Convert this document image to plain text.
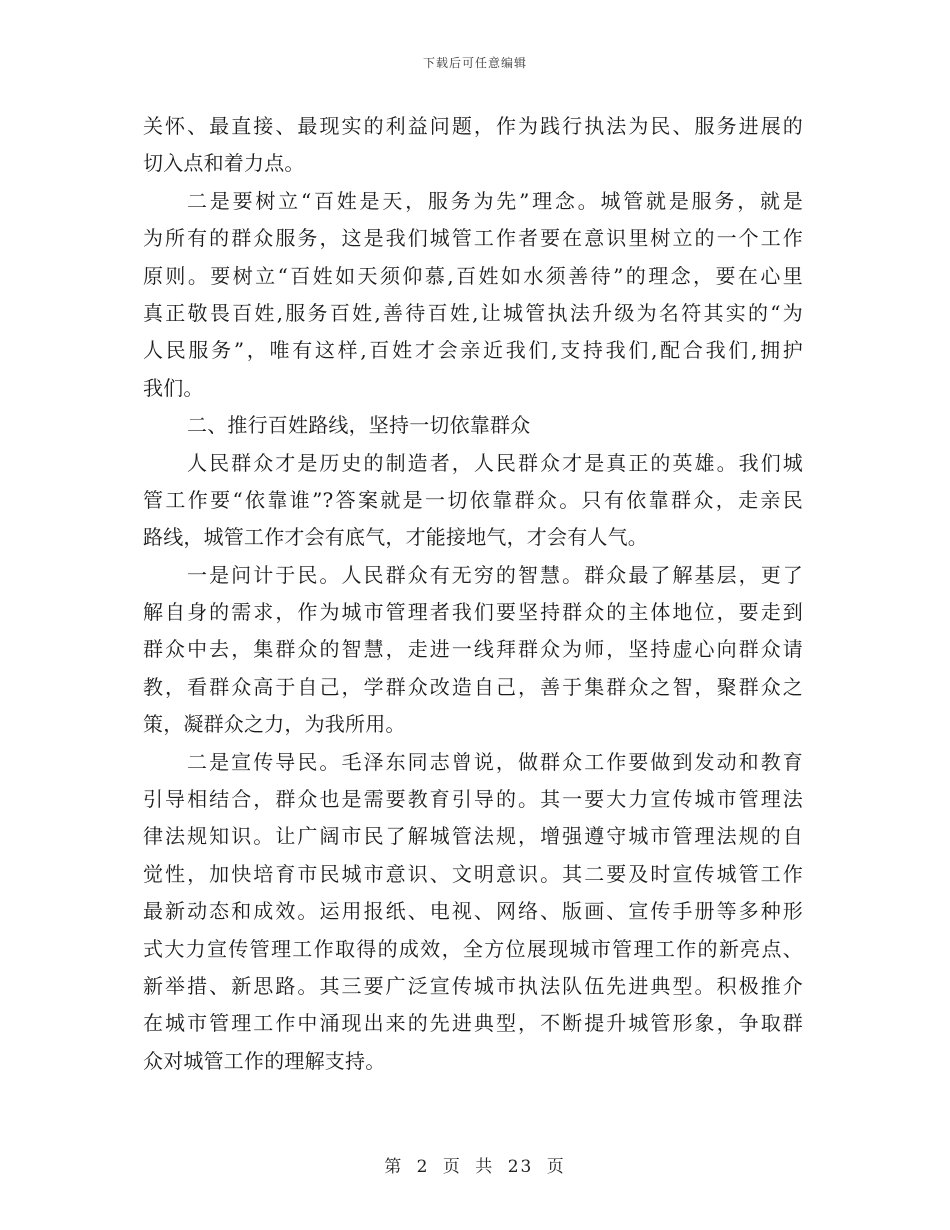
下载后可任意编辑
关怀、最直接、最现实的利益问题，作为践行执法为民、服务进展的
切入点和着力点。
二是要树立“百姓是天，服务为先”理念。城管就是服务，就是
为所有的群众服务，这是我们城管工作者要在意识里树立的一个工作
原则。要树立“百姓如天须仰慕,百姓如水须善待”的理念，要在心里
真正敬畏百姓,服务百姓,善待百姓,让城管执法升级为名符其实的“为
人民服务”，唯有这样,百姓才会亲近我们,支持我们,配合我们,拥护
我们。
二、推行百姓路线，坚持一切依靠群众
人民群众才是历史的制造者，人民群众才是真正的英雄。我们城
管工作要“依靠谁”?答案就是一切依靠群众。只有依靠群众，走亲民
路线，城管工作才会有底气，才能接地气，才会有人气。
一是问计于民。人民群众有无穷的智慧。群众最了解基层，更了
解自身的需求，作为城市管理者我们要坚持群众的主体地位，要走到
群众中去，集群众的智慧，走进一线拜群众为师，坚持虚心向群众请
教，看群众高于自己，学群众改造自己，善于集群众之智，聚群众之
策，凝群众之力，为我所用。
二是宣传导民。毛泽东同志曾说，做群众工作要做到发动和教育
引导相结合，群众也是需要教育引导的。其一要大力宣传城市管理法
律法规知识。让广阔市民了解城管法规，增强遵守城市管理法规的自
觉性，加快培育市民城市意识、文明意识。其二要及时宣传城管工作
最新动态和成效。运用报纸、电视、网络、版画、宣传手册等多种形
式大力宣传管理工作取得的成效，全方位展现城市管理工作的新亮点、
新举措、新思路。其三要广泛宣传城市执法队伍先进典型。积极推介
在城市管理工作中涌现出来的先进典型，不断提升城管形象，争取群
众对城管工作的理解支持。
第 2 页 共 23 页
